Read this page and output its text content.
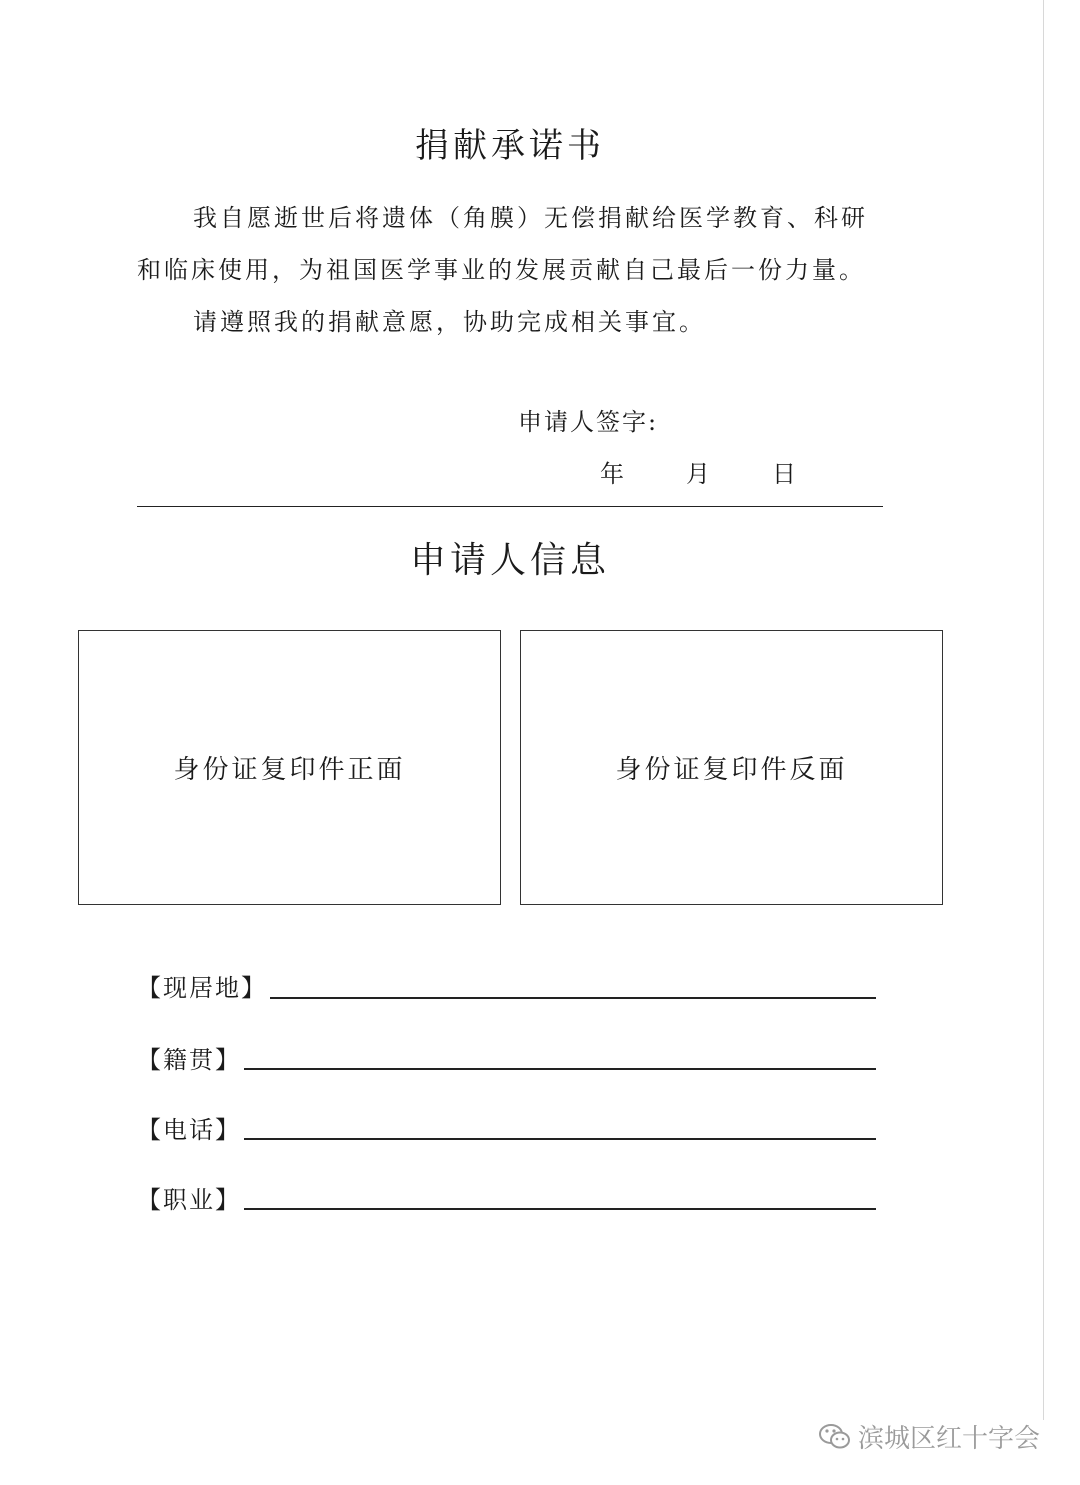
捐献承诺书
我自愿逝世后将遗体（角膜）无偿捐献给医学教育、科研
和临床使用，为祖国医学事业的发展贡献自己最后一份力量。
请遵照我的捐献意愿，协助完成相关事宜。
申请人签字:
年	月	日
申请人信息
身份证复印件正面	身份证复印件反面
【现居地】
【籍贯】
【电话】
【职业】
滨城区红十字会
